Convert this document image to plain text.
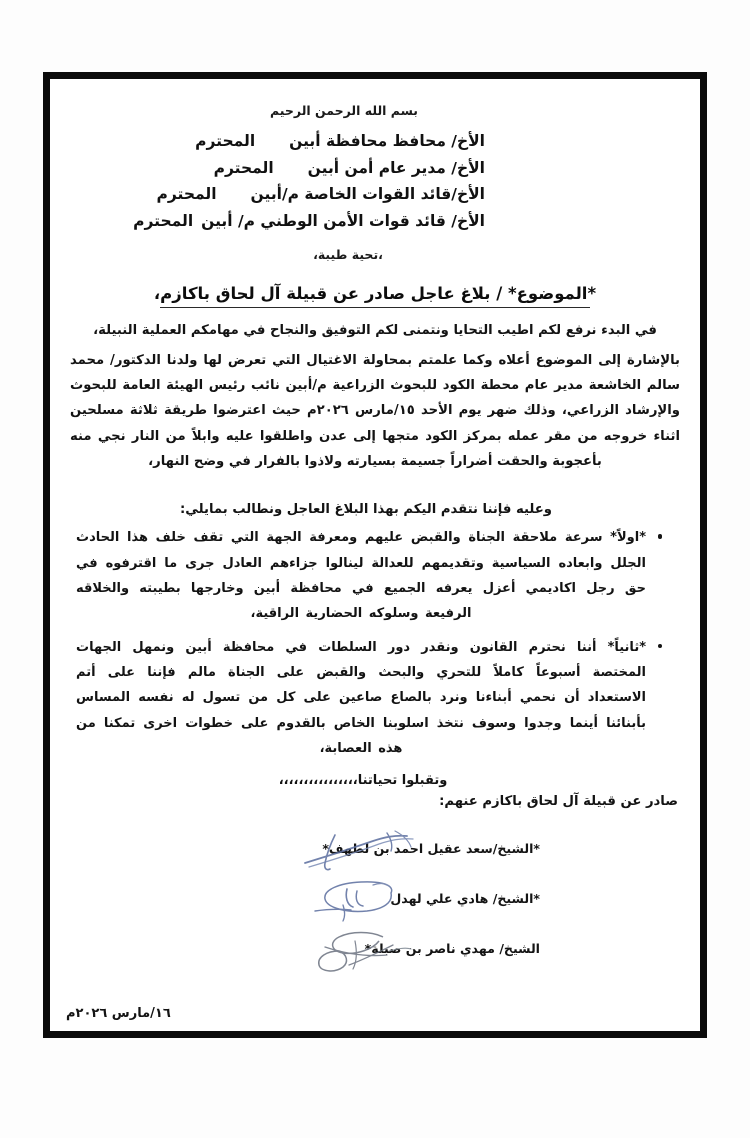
بسم الله الرحمن الرحيم
الأخ/ محافظ محافظة أبين
المحترم
الأخ/ مدير عام أمن أبين
المحترم
الأخ/قائد القوات الخاصة م/أبين
المحترم
الأخ/ قائد قوات الأمن الوطني م/ أبين
المحترم
،تحية طيبة،
*الموضوع* / بلاغ عاجل صادر عن قبيلة آل لحاق باكازم،
في البدء نرفع لكم اطيب التحايا ونتمنى لكم التوفيق والنجاح في مهامكم العملية النبيلة،
بالإشارة إلى الموضوع أعلاه وكما علمتم بمحاولة الاغتيال التي تعرض لها ولدنا الدكتور/ محمد سالم الخاشعة مدير عام محطة الكود للبحوث الزراعية م/أبين نائب رئيس الهيئة العامة للبحوث والإرشاد الزراعي، وذلك ضهر يوم الأحد ١٥/مارس ٢٠٢٦م حيث اعترضوا طريقة ثلاثة مسلحين اثناء خروجه من مقر عمله بمركز الكود متجها إلى عدن واطلقوا عليه وابلاً من النار نجي منه بأعجوبة والحقت أضراراً جسيمة بسيارته ولاذوا بالفرار في وضح النهار،
وعليه فإننا نتقدم اليكم بهذا البلاغ العاجل ونطالب بمايلي:
*اولاً* سرعة ملاحقة الجناة والقبض عليهم ومعرفة الجهة التي تقف خلف هذا الحادث الجلل وابعاده السياسية وتقديمهم للعدالة لينالوا جزاءهم العادل جرى ما اقترفوه في حق رجل اكاديمي أعزل يعرفه الجميع في محافظة أبين وخارجها بطيبته والخلاقه الرفيعة وسلوكه الحضارية الراقية،
*ثانياً* أننا نحترم القانون ونقدر دور السلطات في محافظة أبين ونمهل الجهات المختصة أسبوعاً كاملاً للتحري والبحث والقبض على الجناة مالم فإننا على أتم الاستعداد أن نحمي أبناءنا ونرد بالصاع صاعين على كل من تسول له نفسه المساس بأبنائنا أينما وجدوا وسوف نتخذ اسلوبنا الخاص بالقدوم على خطوات اخرى تمكنا من هذه العصابة،
وتقبلوا تحياتنا،،،،،،،،،،،،،،،،
صادر عن قبيلة آل لحاق باكازم عنهم:
*الشيخ/سعد عقيل احمد بن لطهف*
*الشيخ/ هادي علي لهدل
الشيخ/ مهدي ناصر بن صبلة*
١٦/مارس ٢٠٢٦م
